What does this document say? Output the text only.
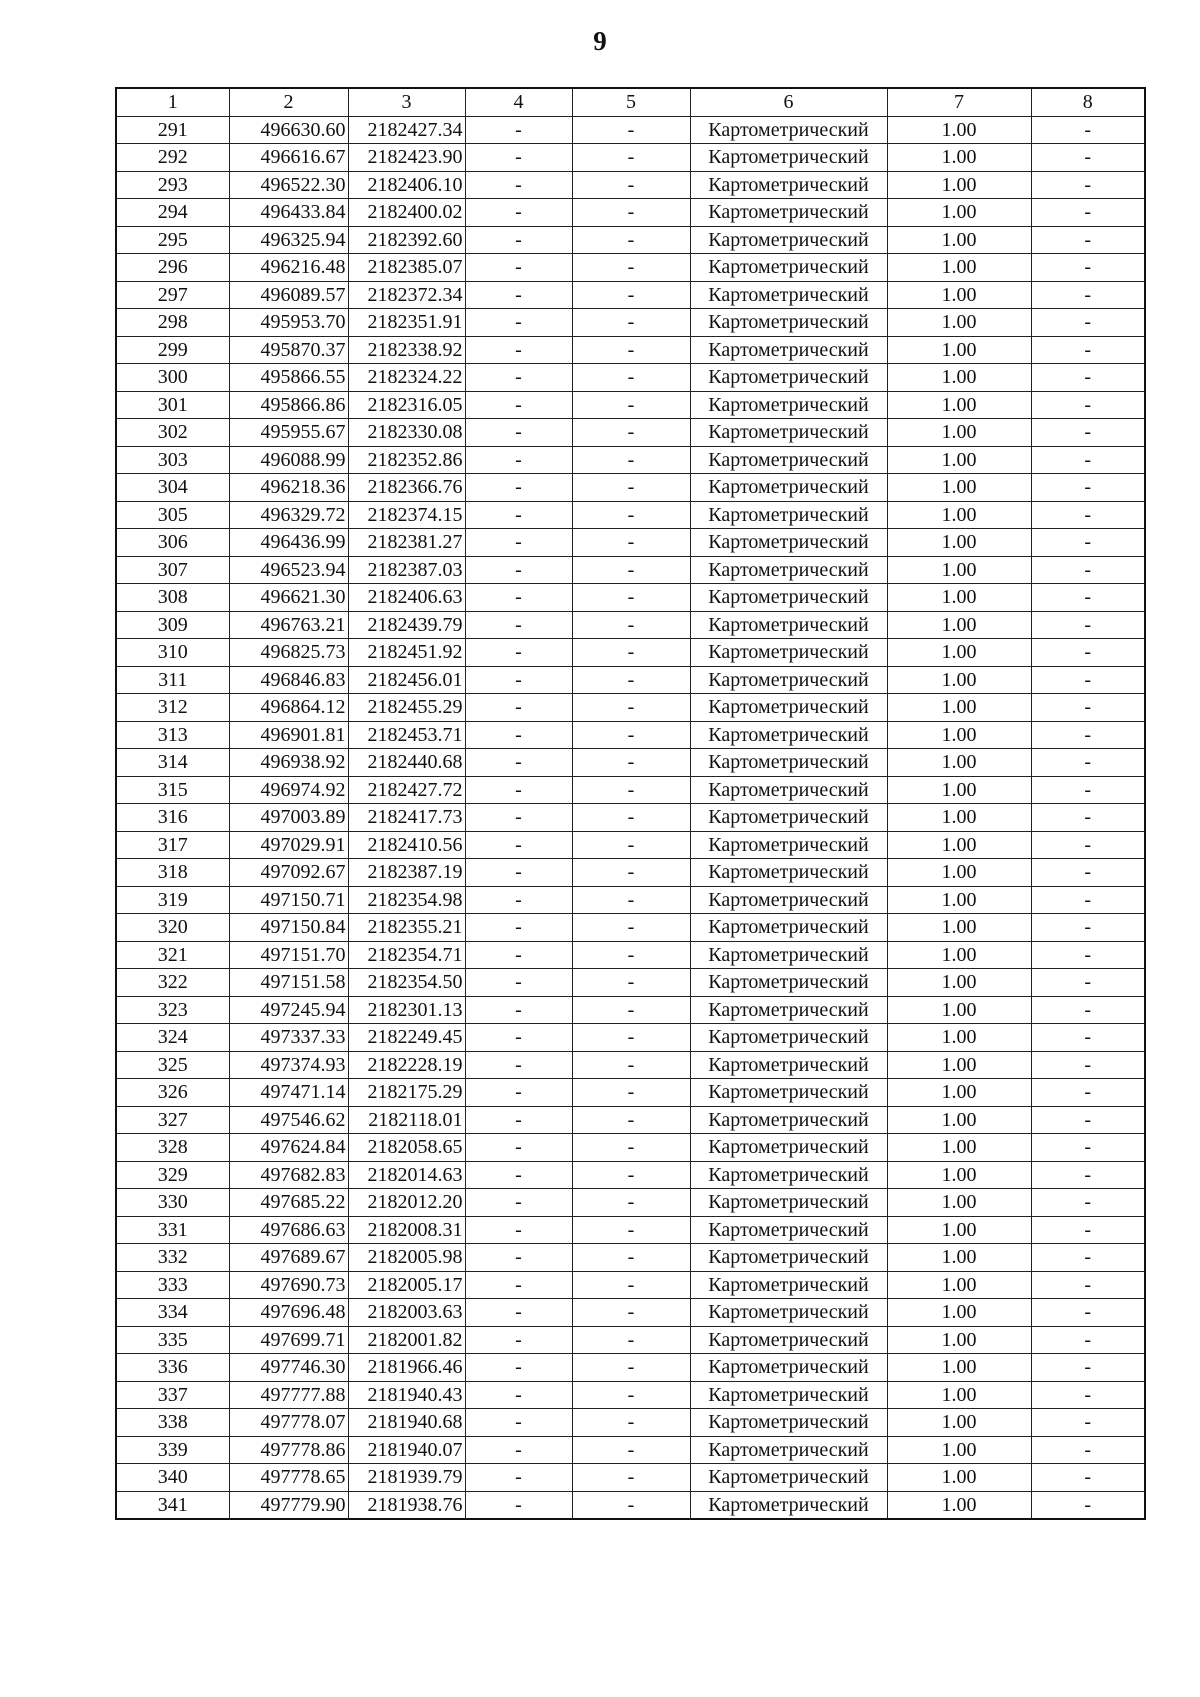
9
1	2	3	4	5	6	7	8
291	496630.60	2182427.34	-	-	Картометрический	1.00	-
292	496616.67	2182423.90	-	-	Картометрический	1.00	-
293	496522.30	2182406.10	-	-	Картометрический	1.00	-
294	496433.84	2182400.02	-	-	Картометрический	1.00	-
295	496325.94	2182392.60	-	-	Картометрический	1.00	-
296	496216.48	2182385.07	-	-	Картометрический	1.00	-
297	496089.57	2182372.34	-	-	Картометрический	1.00	-
298	495953.70	2182351.91	-	-	Картометрический	1.00	-
299	495870.37	2182338.92	-	-	Картометрический	1.00	-
300	495866.55	2182324.22	-	-	Картометрический	1.00	-
301	495866.86	2182316.05	-	-	Картометрический	1.00	-
302	495955.67	2182330.08	-	-	Картометрический	1.00	-
303	496088.99	2182352.86	-	-	Картометрический	1.00	-
304	496218.36	2182366.76	-	-	Картометрический	1.00	-
305	496329.72	2182374.15	-	-	Картометрический	1.00	-
306	496436.99	2182381.27	-	-	Картометрический	1.00	-
307	496523.94	2182387.03	-	-	Картометрический	1.00	-
308	496621.30	2182406.63	-	-	Картометрический	1.00	-
309	496763.21	2182439.79	-	-	Картометрический	1.00	-
310	496825.73	2182451.92	-	-	Картометрический	1.00	-
311	496846.83	2182456.01	-	-	Картометрический	1.00	-
312	496864.12	2182455.29	-	-	Картометрический	1.00	-
313	496901.81	2182453.71	-	-	Картометрический	1.00	-
314	496938.92	2182440.68	-	-	Картометрический	1.00	-
315	496974.92	2182427.72	-	-	Картометрический	1.00	-
316	497003.89	2182417.73	-	-	Картометрический	1.00	-
317	497029.91	2182410.56	-	-	Картометрический	1.00	-
318	497092.67	2182387.19	-	-	Картометрический	1.00	-
319	497150.71	2182354.98	-	-	Картометрический	1.00	-
320	497150.84	2182355.21	-	-	Картометрический	1.00	-
321	497151.70	2182354.71	-	-	Картометрический	1.00	-
322	497151.58	2182354.50	-	-	Картометрический	1.00	-
323	497245.94	2182301.13	-	-	Картометрический	1.00	-
324	497337.33	2182249.45	-	-	Картометрический	1.00	-
325	497374.93	2182228.19	-	-	Картометрический	1.00	-
326	497471.14	2182175.29	-	-	Картометрический	1.00	-
327	497546.62	2182118.01	-	-	Картометрический	1.00	-
328	497624.84	2182058.65	-	-	Картометрический	1.00	-
329	497682.83	2182014.63	-	-	Картометрический	1.00	-
330	497685.22	2182012.20	-	-	Картометрический	1.00	-
331	497686.63	2182008.31	-	-	Картометрический	1.00	-
332	497689.67	2182005.98	-	-	Картометрический	1.00	-
333	497690.73	2182005.17	-	-	Картометрический	1.00	-
334	497696.48	2182003.63	-	-	Картометрический	1.00	-
335	497699.71	2182001.82	-	-	Картометрический	1.00	-
336	497746.30	2181966.46	-	-	Картометрический	1.00	-
337	497777.88	2181940.43	-	-	Картометрический	1.00	-
338	497778.07	2181940.68	-	-	Картометрический	1.00	-
339	497778.86	2181940.07	-	-	Картометрический	1.00	-
340	497778.65	2181939.79	-	-	Картометрический	1.00	-
341	497779.90	2181938.76	-	-	Картометрический	1.00	-
